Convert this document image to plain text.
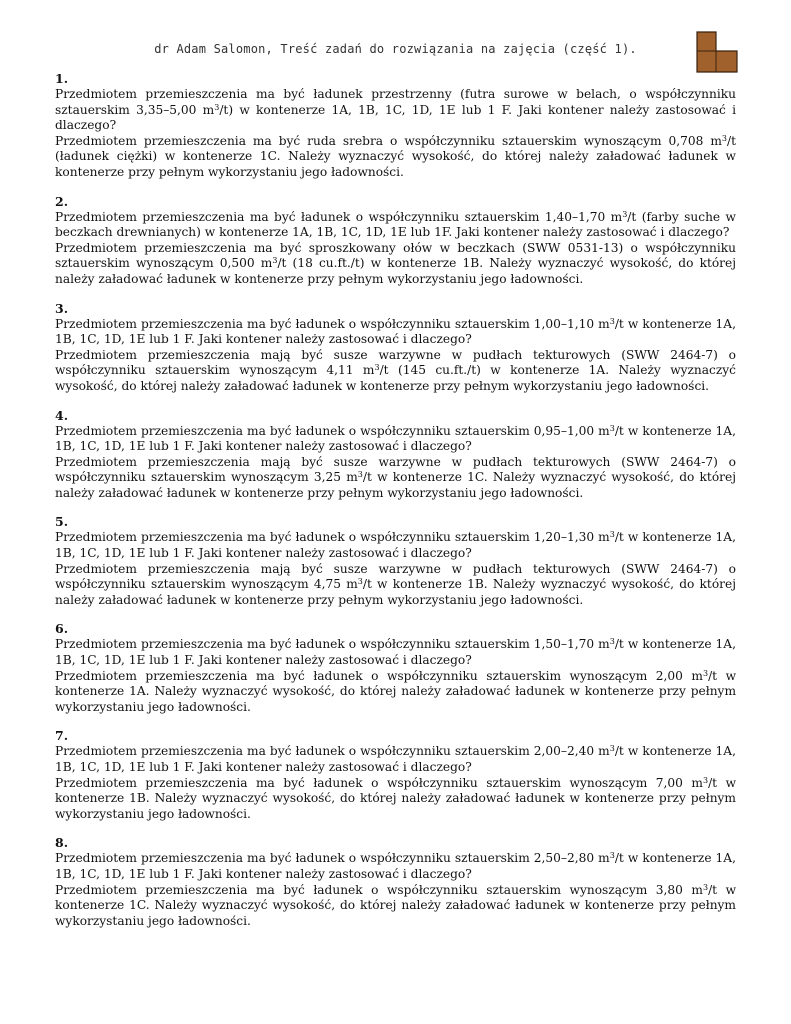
dr Adam Salomon, Treść zadań do rozwiązania na zajęcia (część 1).
1.

Przedmiotem przemieszczenia ma być ładunek przestrzenny (futra surowe w belach, o współczynniku sztauerskim 3,35–5,00 $m^3/t$) w kontenerze 1A, 1B, 1C, 1D, 1E lub 1 F. Jaki kontener należy zastosować i dlaczego?

Przedmiotem przemieszczenia ma być ruda srebra o współczynniku sztauerskim wynoszącym 0,708 $m^3/t$ (ładunek ciężki) w kontenerze 1C. Należy wyznaczyć wysokość, do której należy załadować ładunek w kontenerze przy pełnym wykorzystaniu jego ładowności.

2.

Przedmiotem przemieszczenia ma być ładunek o współczynniku sztauerskim 1,40–1,70 $m^3/t$ (farby suche w beczkach drewnianych) w kontenerze 1A, 1B, 1C, 1D, 1E lub 1F. Jaki kontener należy zastosować i dlaczego?

Przedmiotem przemieszczenia ma być sproszkowany ołów w beczkach (SWW 0531-13) o współczynniku sztauerskim wynoszącym 0,500 $m^3/t$ (18 cu.ft./t) w kontenerze 1B. Należy wyznaczyć wysokość, do której należy załadować ładunek w kontenerze przy pełnym wykorzystaniu jego ładowności.

3.

Przedmiotem przemieszczenia ma być ładunek o współczynniku sztauerskim 1,00–1,10 $m^3/t$ w kontenerze 1A, 1B, 1C, 1D, 1E lub 1 F. Jaki kontener należy zastosować i dlaczego?

Przedmiotem przemieszczenia mają być susze warzywne w pudłach tekturowych (SWW 2464-7) o współczynniku sztauerskim wynoszącym 4,11 $m^3/t$ (145 cu.ft./t) w kontenerze 1A. Należy wyznaczyć wysokość, do której należy załadować ładunek w kontenerze przy pełnym wykorzystaniu jego ładowności.

4.

Przedmiotem przemieszczenia ma być ładunek o współczynniku sztauerskim 0,95–1,00 $m^3/t$ w kontenerze 1A, 1B, 1C, 1D, 1E lub 1 F. Jaki kontener należy zastosować i dlaczego?

Przedmiotem przemieszczenia mają być susze warzywne w pudłach tekturowych (SWW 2464-7) o współczynniku sztauerskim wynoszącym 3,25 $m^3/t$ w kontenerze 1C. Należy wyznaczyć wysokość, do której należy załadować ładunek w kontenerze przy pełnym wykorzystaniu jego ładowności.

5.

Przedmiotem przemieszczenia ma być ładunek o współczynniku sztauerskim 1,20–1,30 $m^3/t$ w kontenerze 1A, 1B, 1C, 1D, 1E lub 1 F. Jaki kontener należy zastosować i dlaczego?

Przedmiotem przemieszczenia mają być susze warzywne w pudłach tekturowych (SWW 2464-7) o współczynniku sztauerskim wynoszącym 4,75 $m^3/t$ w kontenerze 1B. Należy wyznaczyć wysokość, do której należy załadować ładunek w kontenerze przy pełnym wykorzystaniu jego ładowności.

6.

Przedmiotem przemieszczenia ma być ładunek o współczynniku sztauerskim 1,50–1,70 $m^3/t$ w kontenerze 1A, 1B, 1C, 1D, 1E lub 1 F. Jaki kontener należy zastosować i dlaczego?

Przedmiotem przemieszczenia ma być ładunek o współczynniku sztauerskim wynoszącym 2,00 $m^3/t$ w kontenerze 1A. Należy wyznaczyć wysokość, do której należy załadować ładunek w kontenerze przy pełnym wykorzystaniu jego ładowności.

7.

Przedmiotem przemieszczenia ma być ładunek o współczynniku sztauerskim 2,00–2,40 $m^3/t$ w kontenerze 1A, 1B, 1C, 1D, 1E lub 1 F. Jaki kontener należy zastosować i dlaczego?

Przedmiotem przemieszczenia ma być ładunek o współczynniku sztauerskim wynoszącym 7,00 $m^3/t$ w kontenerze 1B. Należy wyznaczyć wysokość, do której należy załadować ładunek w kontenerze przy pełnym wykorzystaniu jego ładowności.

8.

Przedmiotem przemieszczenia ma być ładunek o współczynniku sztauerskim 2,50–2,80 $m^3/t$ w kontenerze 1A, 1B, 1C, 1D, 1E lub 1 F. Jaki kontener należy zastosować i dlaczego?

Przedmiotem przemieszczenia ma być ładunek o współczynniku sztauerskim wynoszącym 3,80 $m^3/t$ w kontenerze 1C. Należy wyznaczyć wysokość, do której należy załadować ładunek w kontenerze przy pełnym wykorzystaniu jego ładowności.
